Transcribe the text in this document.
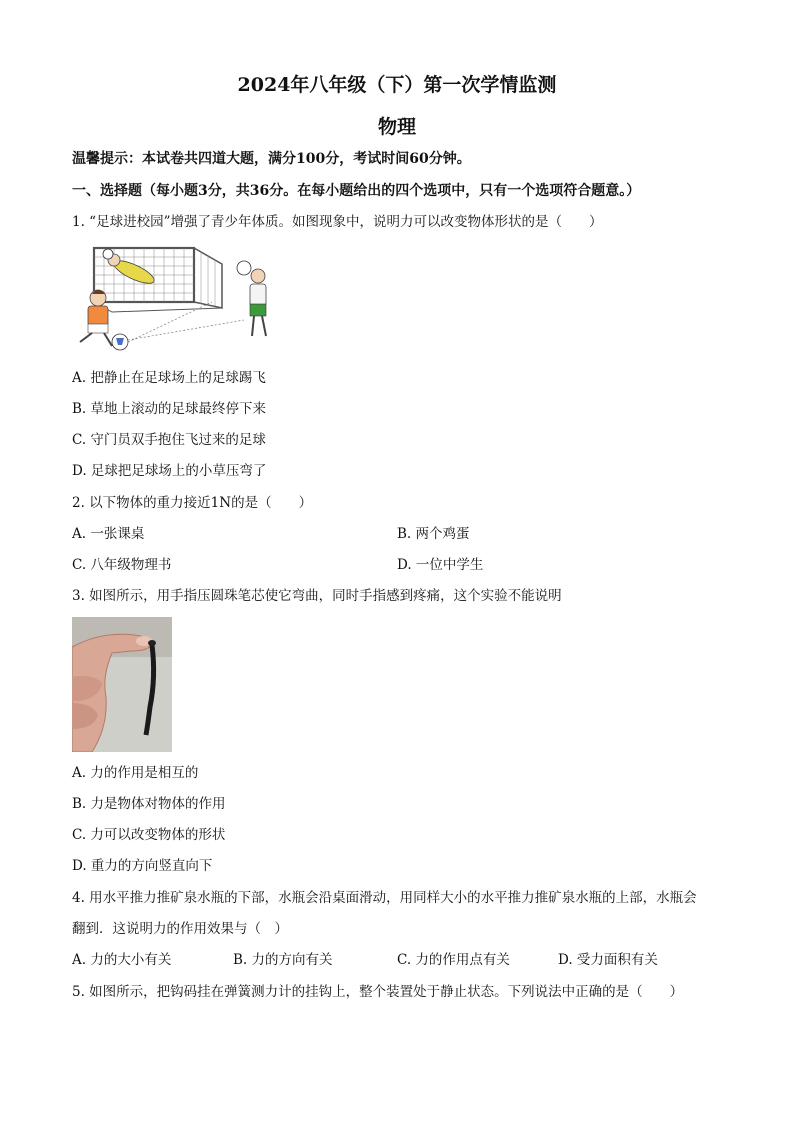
2024年八年级（下）第一次学情监测
物理
温馨提示：本试卷共四道大题，满分100分，考试时间60分钟。
一、选择题（每小题3分，共36分。在每小题给出的四个选项中，只有一个选项符合题意。）
1. “足球进校园”增强了青少年体质。如图现象中，说明力可以改变物体形状的是（　　）
A. 把静止在足球场上的足球踢飞
B. 草地上滚动的足球最终停下来
C. 守门员双手抱住飞过来的足球
D. 足球把足球场上的小草压弯了
2. 以下物体的重力接近1N的是（　　）
A. 一张课桌	B. 两个鸡蛋
C. 八年级物理书	D. 一位中学生
3. 如图所示，用手指压圆珠笔芯使它弯曲，同时手指感到疼痛，这个实验不能说明
A. 力的作用是相互的
B. 力是物体对物体的作用
C. 力可以改变物体的形状
D. 重力的方向竖直向下
4. 用水平推力推矿泉水瓶的下部，水瓶会沿桌面滑动，用同样大小的水平推力推矿泉水瓶的上部，水瓶会
翻到．这说明力的作用效果与（　）
A. 力的大小有关	B. 力的方向有关	C. 力的作用点有关	D. 受力面积有关
5. 如图所示，把钩码挂在弹簧测力计的挂钩上，整个装置处于静止状态。下列说法中正确的是（　　）
